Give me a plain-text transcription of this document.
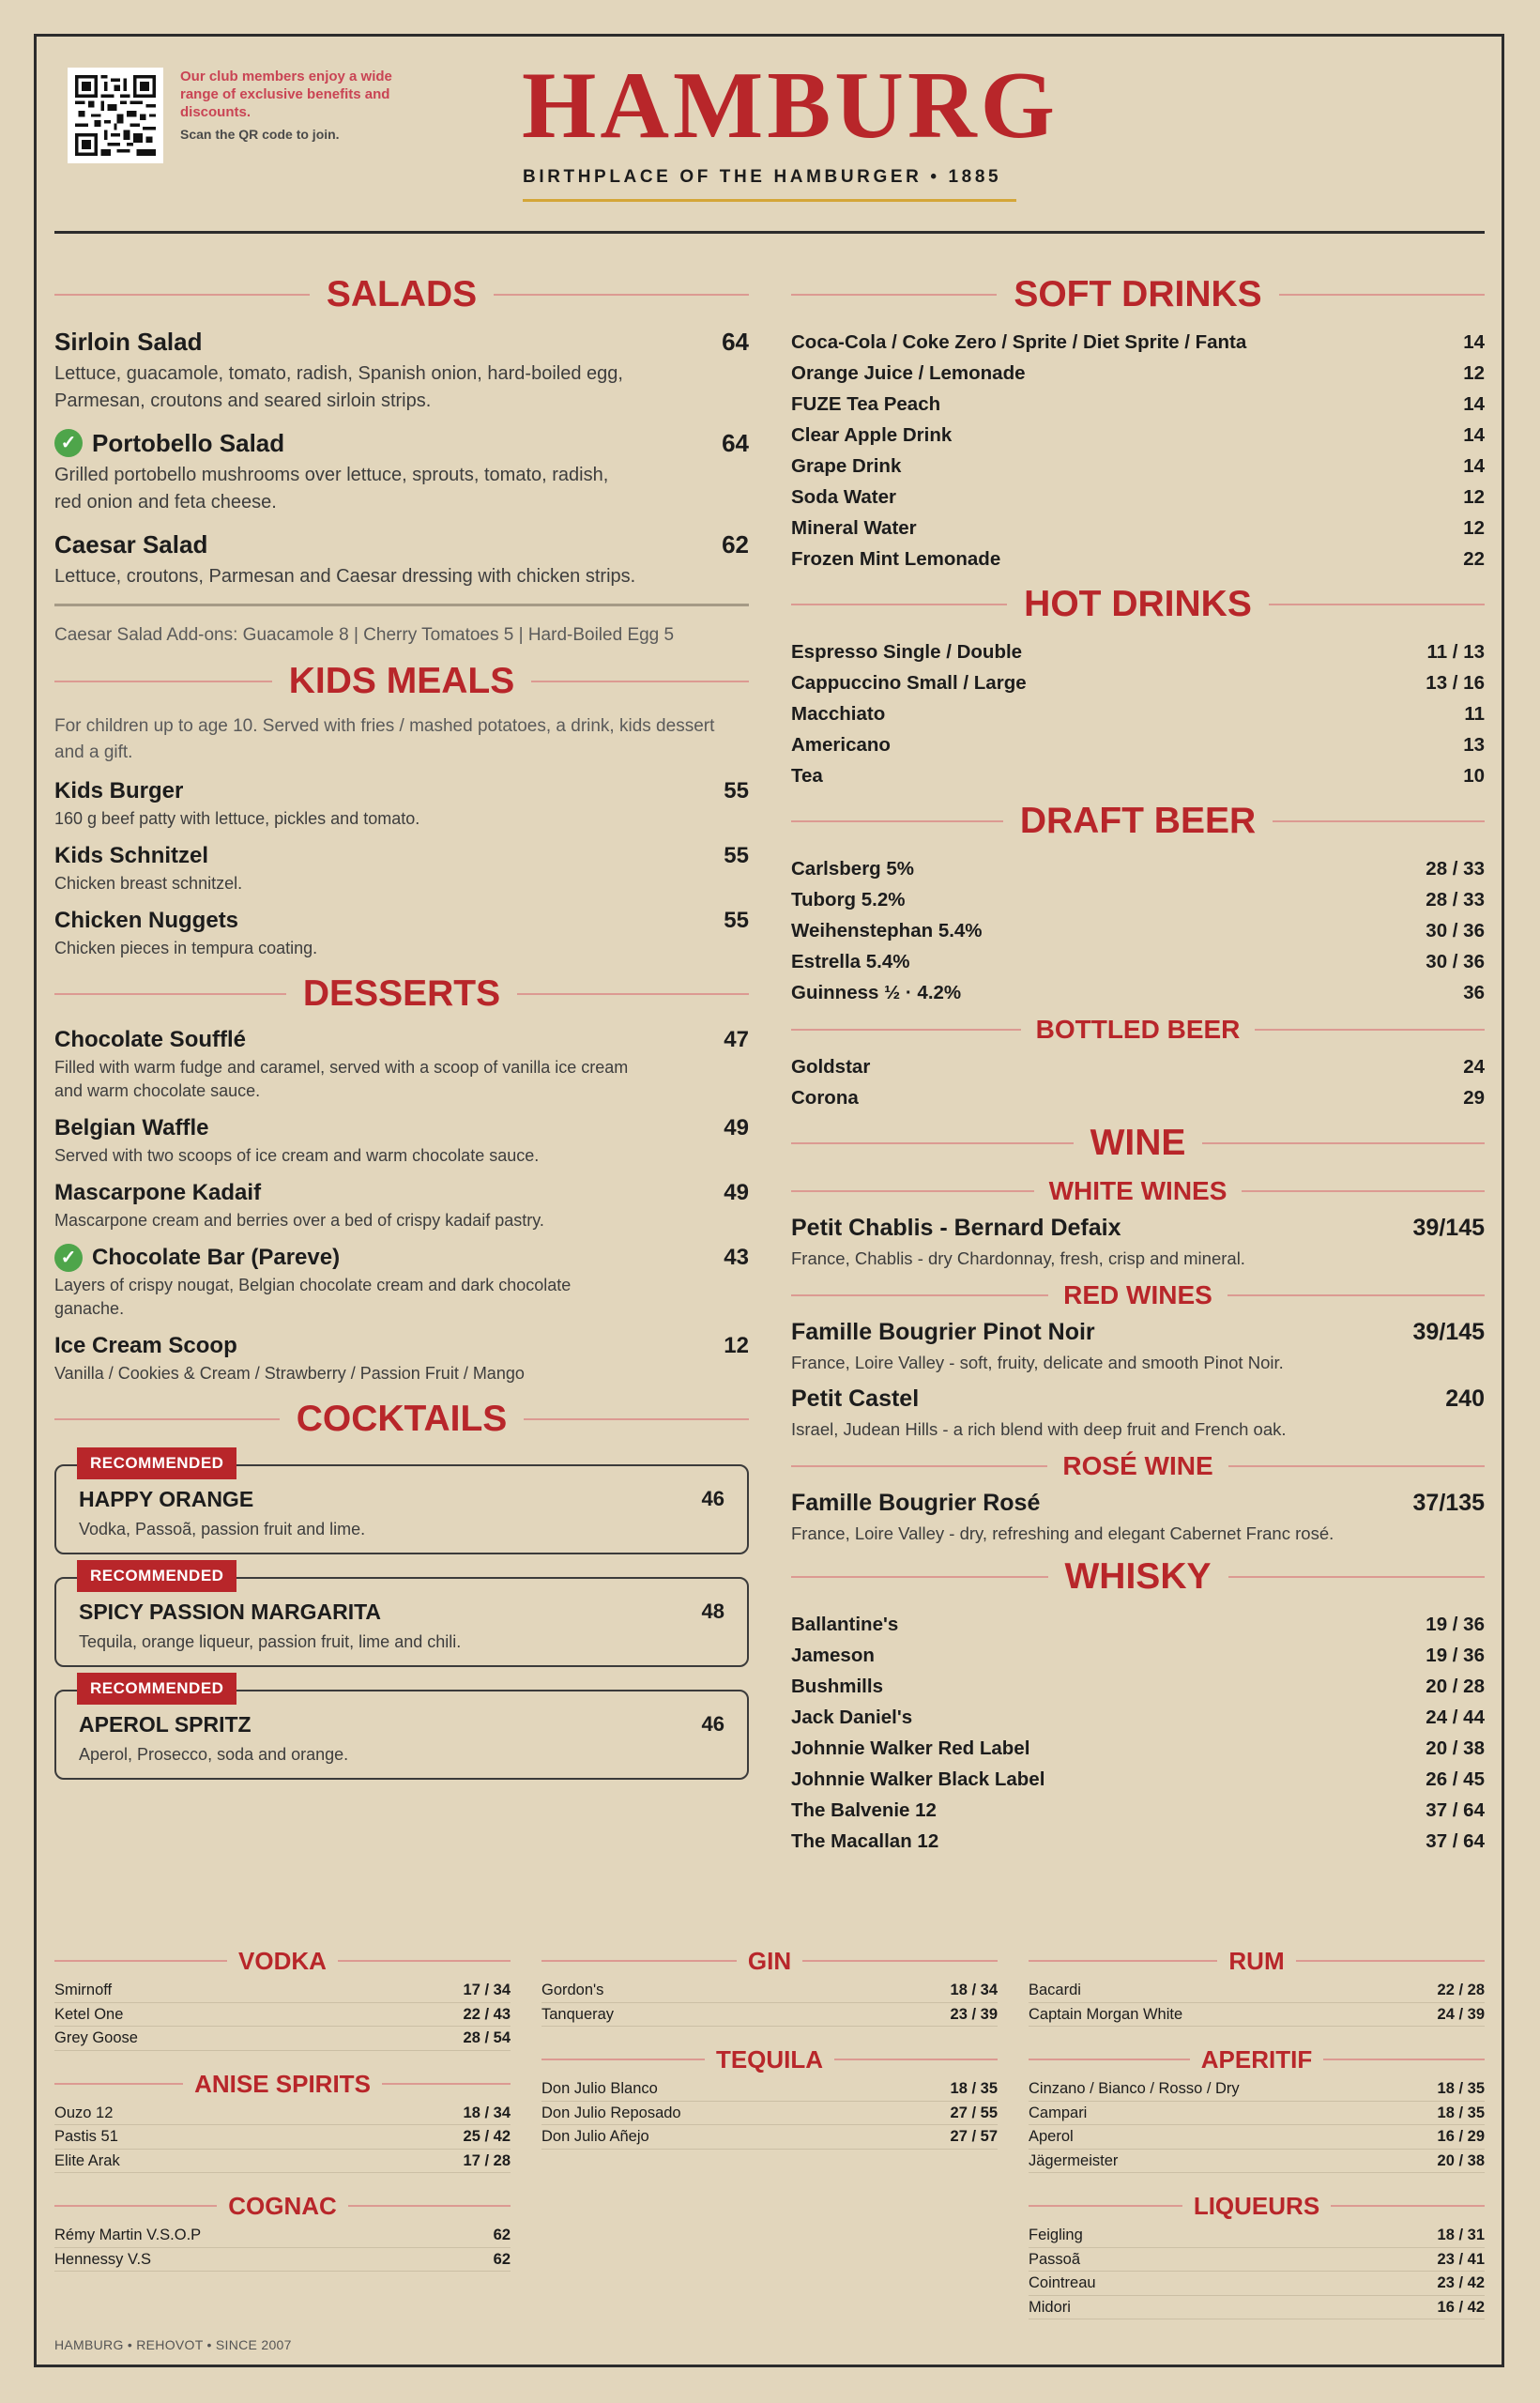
Our club members enjoy a wide range of exclusive benefits and discounts.
Scan the QR code to join.	HAMBURG
BIRTHPLACE OF THE HAMBURGER • 1885
SALADS
Sirloin Salad	64
Lettuce, guacamole, tomato, radish, Spanish onion, hard-boiled egg, Parmesan, croutons and seared sirloin strips.
✓ Portobello Salad	64
Grilled portobello mushrooms over lettuce, sprouts, tomato, radish, red onion and feta cheese.
Caesar Salad	62
Lettuce, croutons, Parmesan and Caesar dressing with chicken strips.
Caesar Salad Add-ons: Guacamole 8 | Cherry Tomatoes 5 | Hard-Boiled Egg 5
KIDS MEALS
For children up to age 10. Served with fries / mashed potatoes, a drink, kids dessert and a gift.
Kids Burger	55
160 g beef patty with lettuce, pickles and tomato.
Kids Schnitzel	55
Chicken breast schnitzel.
Chicken Nuggets	55
Chicken pieces in tempura coating.
DESSERTS
Chocolate Soufflé	47
Filled with warm fudge and caramel, served with a scoop of vanilla ice cream and warm chocolate sauce.
Belgian Waffle	49
Served with two scoops of ice cream and warm chocolate sauce.
Mascarpone Kadaif	49
Mascarpone cream and berries over a bed of crispy kadaif pastry.
✓ Chocolate Bar (Pareve)	43
Layers of crispy nougat, Belgian chocolate cream and dark chocolate ganache.
Ice Cream Scoop	12
Vanilla / Cookies & Cream / Strawberry / Passion Fruit / Mango
COCKTAILS
RECOMMENDED
HAPPY ORANGE	46
Vodka, Passoã, passion fruit and lime.
RECOMMENDED
SPICY PASSION MARGARITA	48
Tequila, orange liqueur, passion fruit, lime and chili.
RECOMMENDED
APEROL SPRITZ	46
Aperol, Prosecco, soda and orange.
SOFT DRINKS
Coca-Cola / Coke Zero / Sprite / Diet Sprite / Fanta	14
Orange Juice / Lemonade	12
FUZE Tea Peach	14
Clear Apple Drink	14
Grape Drink	14
Soda Water	12
Mineral Water	12
Frozen Mint Lemonade	22
HOT DRINKS
Espresso Single / Double	11 / 13
Cappuccino Small / Large	13 / 16
Macchiato	11
Americano	13
Tea	10
DRAFT BEER
Carlsberg 5%	28 / 33
Tuborg 5.2%	28 / 33
Weihenstephan 5.4%	30 / 36
Estrella 5.4%	30 / 36
Guinness ½ · 4.2%	36
BOTTLED BEER
Goldstar	24
Corona	29
WINE
WHITE WINES
Petit Chablis - Bernard Defaix	39/145
France, Chablis - dry Chardonnay, fresh, crisp and mineral.
RED WINES
Famille Bougrier Pinot Noir	39/145
France, Loire Valley - soft, fruity, delicate and smooth Pinot Noir.
Petit Castel	240
Israel, Judean Hills - a rich blend with deep fruit and French oak.
ROSÉ WINE
Famille Bougrier Rosé	37/135
France, Loire Valley - dry, refreshing and elegant Cabernet Franc rosé.
WHISKY
Ballantine's	19 / 36
Jameson	19 / 36
Bushmills	20 / 28
Jack Daniel's	24 / 44
Johnnie Walker Red Label	20 / 38
Johnnie Walker Black Label	26 / 45
The Balvenie 12	37 / 64
The Macallan 12	37 / 64
VODKA
Smirnoff	17 / 34
Ketel One	22 / 43
Grey Goose	28 / 54
ANISE SPIRITS
Ouzo 12	18 / 34
Pastis 51	25 / 42
Elite Arak	17 / 28
COGNAC
Rémy Martin V.S.O.P	62
Hennessy V.S	62
GIN
Gordon's	18 / 34
Tanqueray	23 / 39
TEQUILA
Don Julio Blanco	18 / 35
Don Julio Reposado	27 / 55
Don Julio Añejo	27 / 57
RUM
Bacardi	22 / 28
Captain Morgan White	24 / 39
APERITIF
Cinzano / Bianco / Rosso / Dry	18 / 35
Campari	18 / 35
Aperol	16 / 29
Jägermeister	20 / 38
LIQUEURS
Feigling	18 / 31
Passoã	23 / 41
Cointreau	23 / 42
Midori	16 / 42
HAMBURG • REHOVOT • SINCE 2007
